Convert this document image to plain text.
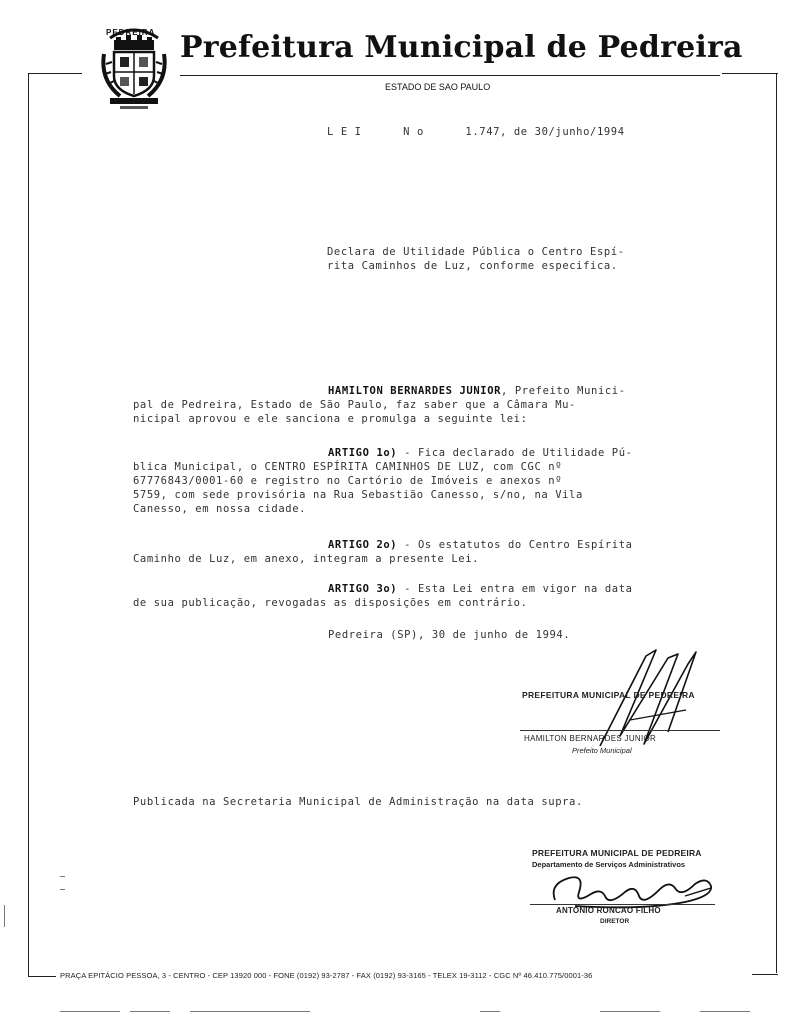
PEDREIRA Prefeitura Municipal de Pedreira
ESTADO DE SAO PAULO
L E I      N o      1.747, de 30/junho/1994
Declara de Utilidade Pública o Centro Espí-
rita Caminhos de Luz, conforme especifica.
HAMILTON BERNARDES JUNIOR, Prefeito Munici-
pal de Pedreira, Estado de São Paulo, faz saber que a Câmara Mu-
nicipal aprovou e ele sanciona e promulga a seguinte lei:
ARTIGO 1o) - Fica declarado de Utilidade Pú-
blica Municipal, o CENTRO ESPÍRITA CAMINHOS DE LUZ, com CGC nº
67776843/0001-60 e registro no Cartório de Imóveis e anexos nº
5759, com sede provisória na Rua Sebastião Canesso, s/no, na Vila
Canesso, em nossa cidade.
ARTIGO 2o) - Os estatutos do Centro Espírita
Caminho de Luz, em anexo, integram a presente Lei.
ARTIGO 3o) - Esta Lei entra em vigor na data
de sua publicação, revogadas as disposições em contrário.
Pedreira (SP), 30 de junho de 1994.
PREFEITURA MUNICIPAL DE PEDREIRA
HAMILTON BERNARDES JUNIOR
Prefeito Municipal
Publicada na Secretaria Municipal de Administração na data supra.
PREFEITURA MUNICIPAL DE PEDREIRA
Departamento de Serviços Administrativos
ANTONIO RONCAO FILHO
DIRETOR
PRAÇA EPITÁCIO PESSOA, 3 - CENTRO - CEP 13920 000 - FONE (0192) 93-2787 - FAX (0192) 93-3165 - TELEX 19-3112 - CGC Nº 46.410.775/0001-36
